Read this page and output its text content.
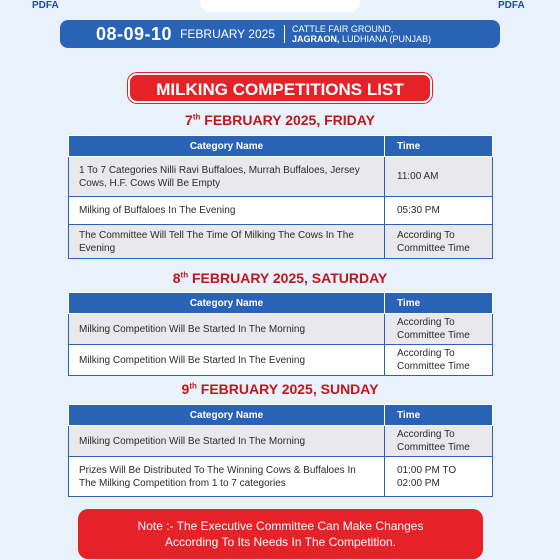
PDFA	PDFA
08-09-10 FEBRUARY 2025 CATTLE FAIR GROUND,
JAGRAON, LUDHIANA (PUNJAB)
MILKING COMPETITIONS LIST
7th FEBRUARY 2025, FRIDAY
Category Name	Time
1 To 7 Categories Nilli Ravi Buffaloes, Murrah Buffaloes, Jersey Cows, H.F. Cows Will Be Empty	11:00 AM
Milking of Buffaloes In The Evening	05:30 PM
The Committee Will Tell The Time Of Milking The Cows In The Evening	According To Committee Time
8th FEBRUARY 2025, SATURDAY
Category Name	Time
Milking Competition Will Be Started In The Morning	According To Committee Time
Milking Competition Will Be Started In The Evening	According To Committee Time
9th FEBRUARY 2025, SUNDAY
Category Name	Time
Milking Competition Will Be Started In The Morning	According To Committee Time
Prizes Will Be Distributed To The Winning Cows & Buffaloes In The Milking Competition from 1 to 7 categories	01:00 PM TO 02:00 PM
Note :- The Executive Committee Can Make Changes
According To Its Needs In The Competition.
